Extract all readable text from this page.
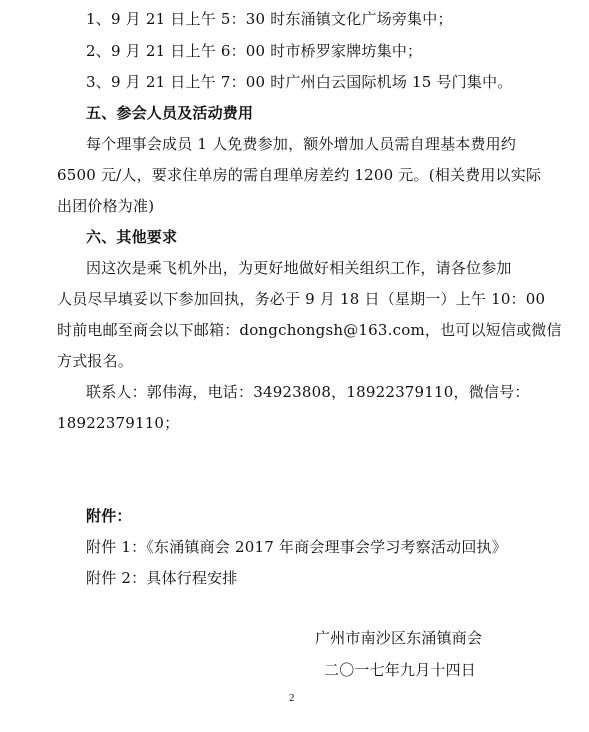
1、9 月 21 日上午 5：30 时东涌镇文化广场旁集中；
2、9 月 21 日上午 6：00 时市桥罗家牌坊集中；
3、9 月 21 日上午 7：00 时广州白云国际机场 15 号门集中。
五、参会人员及活动费用
每个理事会成员 1 人免费参加，额外增加人员需自理基本费用约
6500 元/人，要求住单房的需自理单房差约 1200 元。(相关费用以实际
出团价格为准)
六、其他要求
因这次是乘飞机外出，为更好地做好相关组织工作，请各位参加
人员尽早填妥以下参加回执，务必于 9 月 18 日（星期一）上午 10：00
时前电邮至商会以下邮箱：dongchongsh@163.com，也可以短信或微信
方式报名。
联系人：郭伟海，电话：34923808，18922379110，微信号：
18922379110；
附件：
附件 1：《东涌镇商会 2017 年商会理事会学习考察活动回执》
附件 2：具体行程安排
广州市南沙区东涌镇商会
二〇一七年九月十四日
2
